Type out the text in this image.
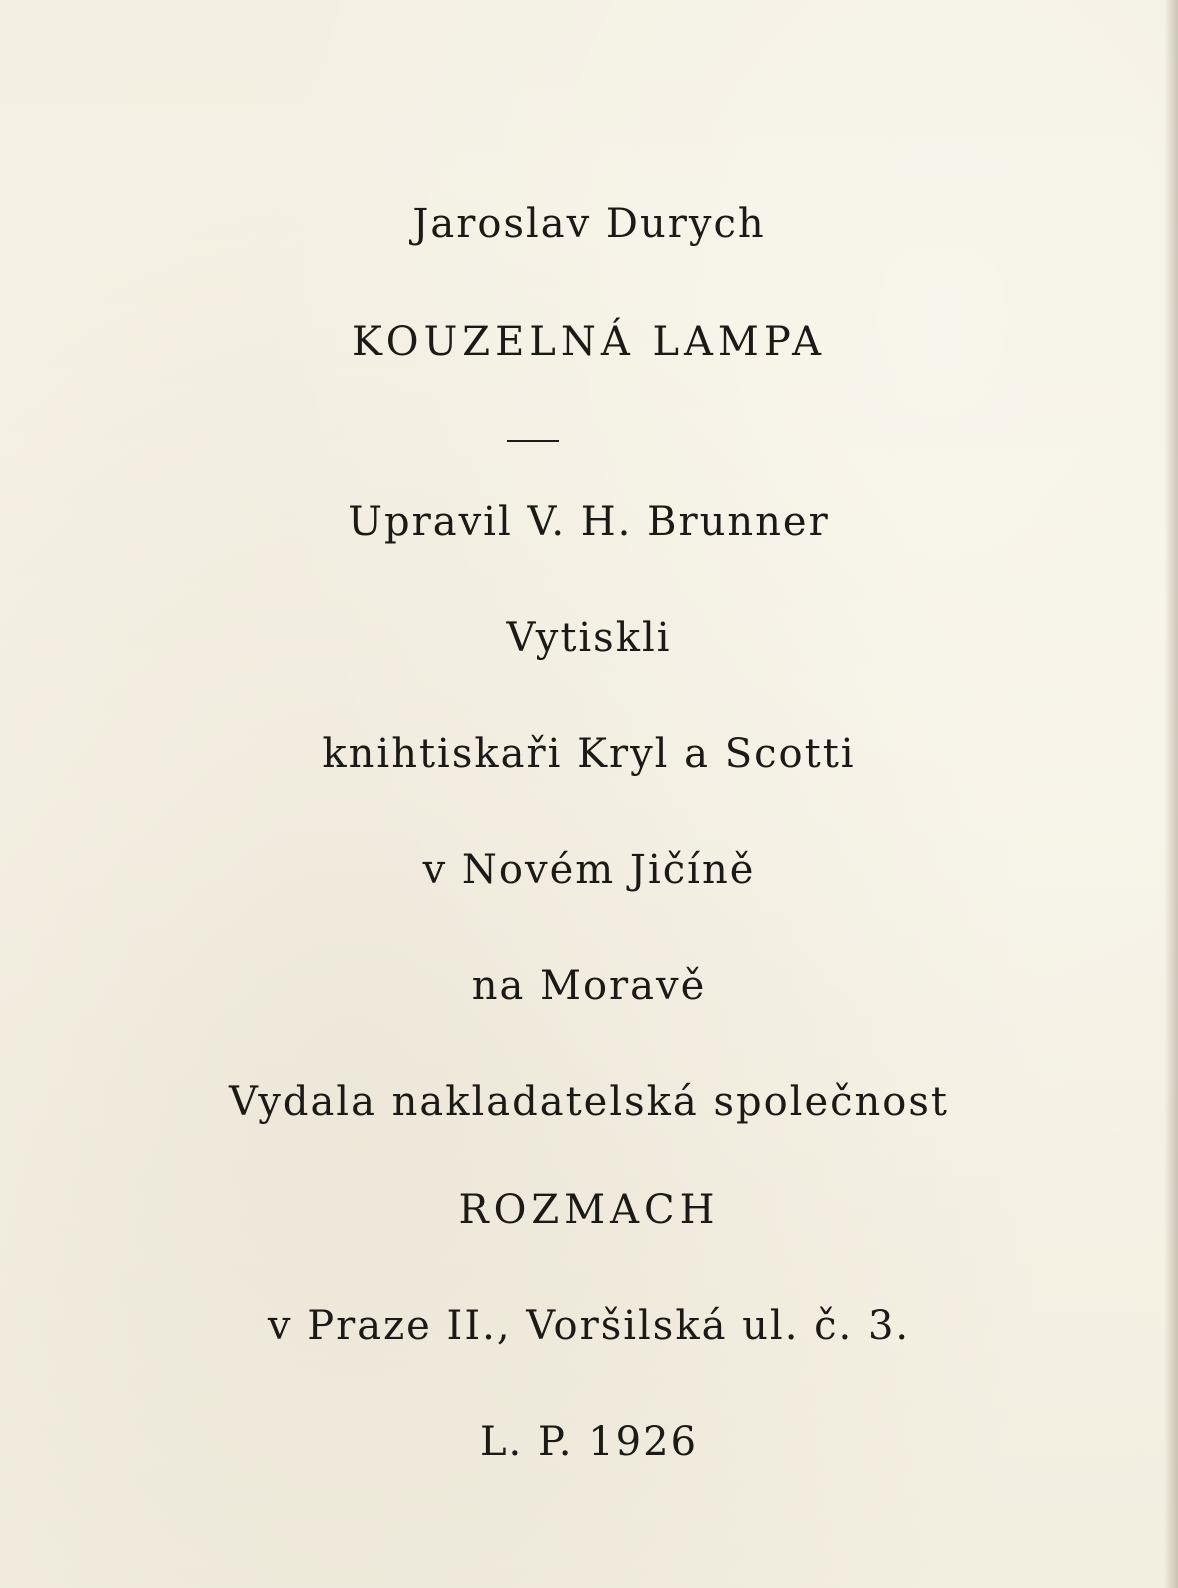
Jaroslav Durych
KOUZELNÁ LAMPA
Upravil V. H. Brunner
Vytiskli
knihtiskaři Kryl a Scotti
v Novém Jičíně
na Moravě
Vydala nakladatelská společnost
ROZMACH
v Praze II., Voršilská ul. č. 3.
L. P. 1926
